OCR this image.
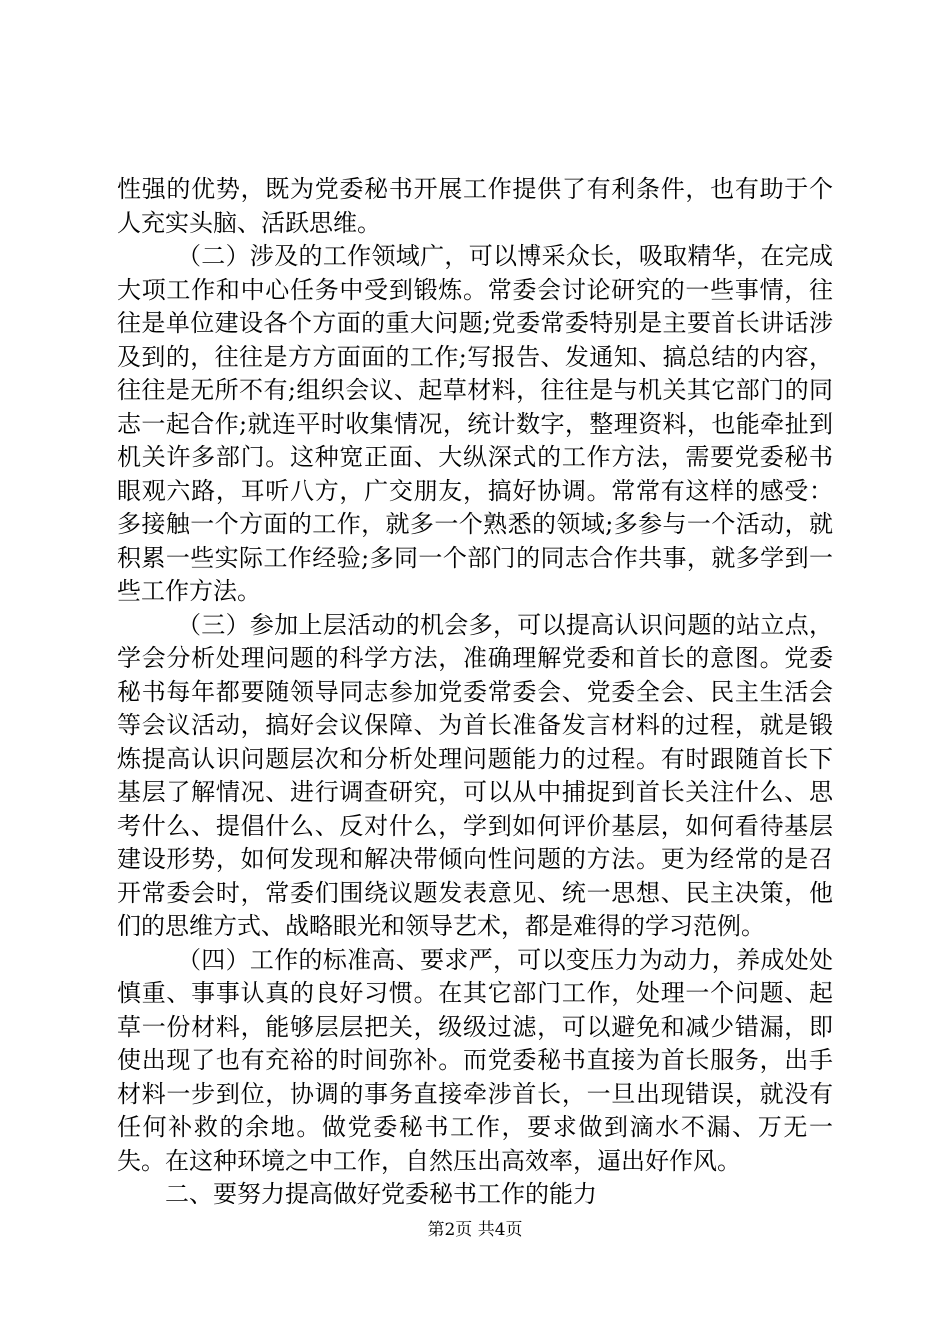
性强的优势，既为党委秘书开展工作提供了有利条件，也有助于个人充实头脑、活跃思维。

（二）涉及的工作领域广，可以博采众长，吸取精华，在完成大项工作和中心任务中受到锻炼。常委会讨论研究的一些事情，往往是单位建设各个方面的重大问题;党委常委特别是主要首长讲话涉及到的，往往是方方面面的工作;写报告、发通知、搞总结的内容，往往是无所不有;组织会议、起草材料，往往是与机关其它部门的同志一起合作;就连平时收集情况，统计数字，整理资料，也能牵扯到机关许多部门。这种宽正面、大纵深式的工作方法，需要党委秘书眼观六路，耳听八方，广交朋友，搞好协调。常常有这样的感受：多接触一个方面的工作，就多一个熟悉的领域;多参与一个活动，就积累一些实际工作经验;多同一个部门的同志合作共事，就多学到一些工作方法。

（三）参加上层活动的机会多，可以提高认识问题的站立点，学会分析处理问题的科学方法，准确理解党委和首长的意图。党委秘书每年都要随领导同志参加党委常委会、党委全会、民主生活会等会议活动，搞好会议保障、为首长准备发言材料的过程，就是锻炼提高认识问题层次和分析处理问题能力的过程。有时跟随首长下基层了解情况、进行调查研究，可以从中捕捉到首长关注什么、思考什么、提倡什么、反对什么，学到如何评价基层，如何看待基层建设形势，如何发现和解决带倾向性问题的方法。更为经常的是召开常委会时，常委们围绕议题发表意见、统一思想、民主决策，他们的思维方式、战略眼光和领导艺术，都是难得的学习范例。

（四）工作的标准高、要求严，可以变压力为动力，养成处处慎重、事事认真的良好习惯。在其它部门工作，处理一个问题、起草一份材料，能够层层把关，级级过滤，可以避免和减少错漏，即使出现了也有充裕的时间弥补。而党委秘书直接为首长服务，出手材料一步到位，协调的事务直接牵涉首长，一旦出现错误，就没有任何补救的余地。做党委秘书工作，要求做到滴水不漏、万无一失。在这种环境之中工作，自然压出高效率，逼出好作风。

二、要努力提高做好党委秘书工作的能力

第2页 共4页
